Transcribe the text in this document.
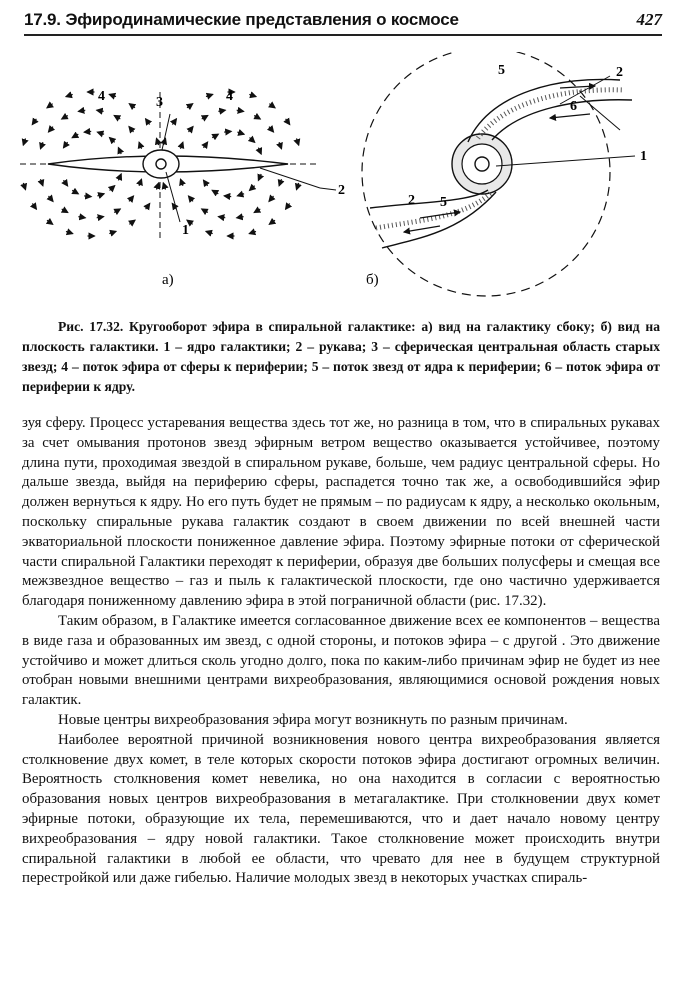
17.9. Эфиродинамические представления о космосе	427
4	4
3
1
2
а)
5	2
6
1
2 5
б)

Рис. 17.32. Кругооборот эфира в спиральной галактике: а) вид на галактику сбоку; б) вид на плоскость галактики. 1 – ядро галактики; 2 – рукава; 3 – сферическая центральная область старых звезд; 4 – поток эфира от сферы к периферии; 5 – поток звезд от ядра к периферии; 6 – поток эфира от периферии к ядру.

зуя сферу. Процесс устаревания вещества здесь тот же, но разница в том, что в спиральных рукавах за счет омывания протонов звезд эфирным ветром вещество оказывается устойчивее, поэтому длина пути, проходимая звездой в спиральном рукаве, больше, чем радиус центральной сферы. Но дальше звезда, выйдя на периферию сферы, распадется точно так же, а освободившийся эфир должен вернуться к ядру. Но его путь будет не прямым – по радиусам к ядру, а несколько окольным, поскольку спиральные рукава галактик создают в своем движении по всей внешней части экваториальной плоскости пониженное давление эфира. Поэтому эфирные потоки от сферической части спиральной Галактики переходят к периферии, образуя две больших полусферы и смещая все межзвездное вещество – газ и пыль к галактической плоскости, где оно частично удерживается благодаря пониженному давлению эфира в этой пограничной области (рис. 17.32).

Таким образом, в Галактике имеется согласованное движение всех ее компонентов – вещества в виде газа и образованных им звезд, с одной стороны, и потоков эфира – с другой . Это движение устойчиво и может длиться сколь угодно долго, пока по каким-либо причинам эфир не будет из нее отобран новыми внешними центрами вихреобразования, являющимися основой рождения новых галактик.

Новые центры вихреобразования эфира могут возникнуть по разным причинам.

Наиболее вероятной причиной возникновения нового центра вихреобразования является столкновение двух комет, в теле которых скорости потоков эфира достигают огромных величин. Вероятность столкновения комет невелика, но она находится в согласии с вероятностью образования новых центров вихреобразования в метагалактике. При столкновении двух комет эфирные потоки, образующие их тела, перемешиваются, что и дает начало новому центру вихреобразования – ядру новой галактики. Такое столкновение может происходить внутри спиральной галактики в любой ее области, что чревато для нее в будущем структурной перестройкой или даже гибелью. Наличие молодых звезд в некоторых участках спираль-
